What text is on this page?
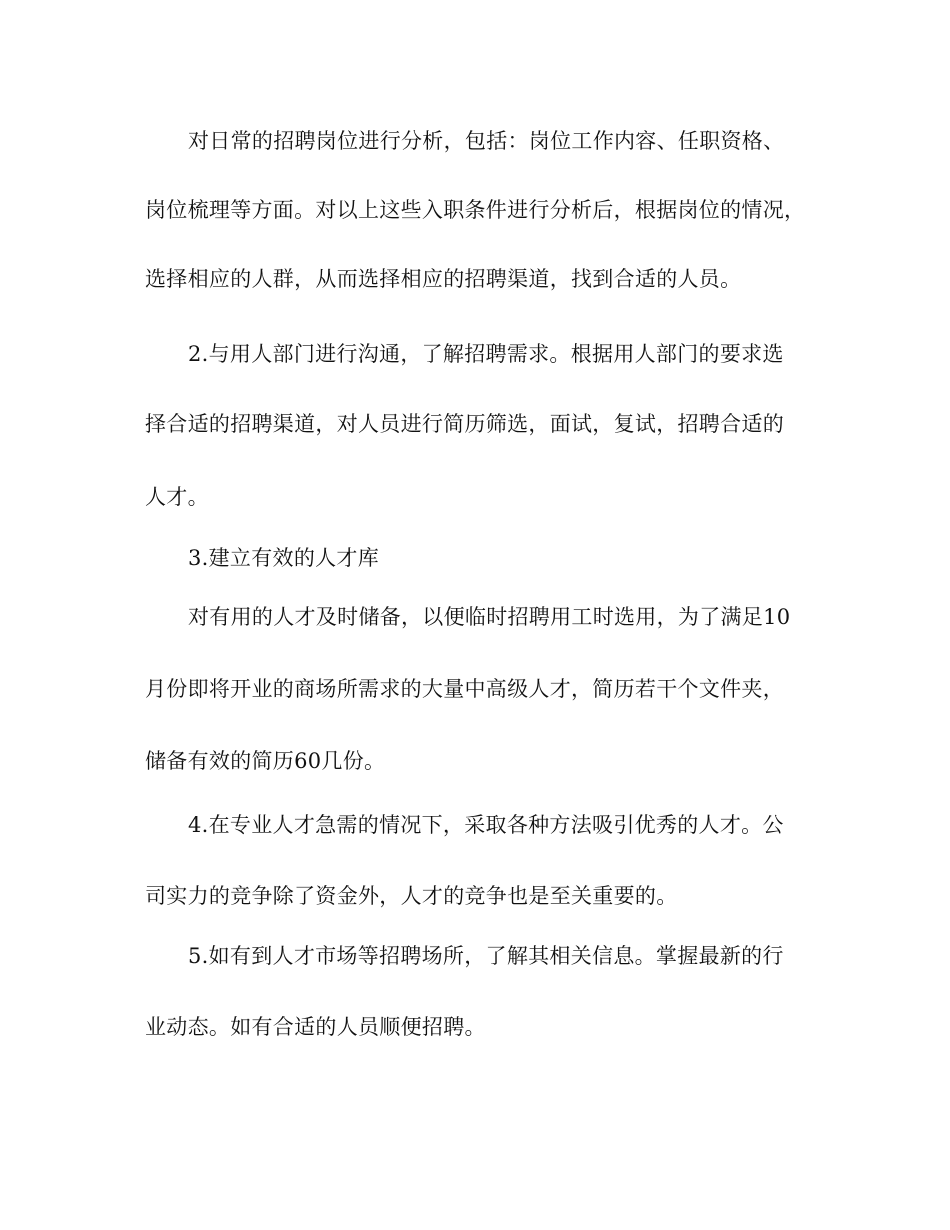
对日常的招聘岗位进行分析，包括：岗位工作内容、任职资格、
岗位梳理等方面。对以上这些入职条件进行分析后，根据岗位的情况，
选择相应的人群，从而选择相应的招聘渠道，找到合适的人员。
2.与用人部门进行沟通，了解招聘需求。根据用人部门的要求选
择合适的招聘渠道，对人员进行简历筛选，面试，复试，招聘合适的
人才。
3.建立有效的人才库
对有用的人才及时储备，以便临时招聘用工时选用，为了满足10
月份即将开业的商场所需求的大量中高级人才，简历若干个文件夹，
储备有效的简历60几份。
4.在专业人才急需的情况下，采取各种方法吸引优秀的人才。公
司实力的竞争除了资金外，人才的竞争也是至关重要的。
5.如有到人才市场等招聘场所，了解其相关信息。掌握最新的行
业动态。如有合适的人员顺便招聘。
